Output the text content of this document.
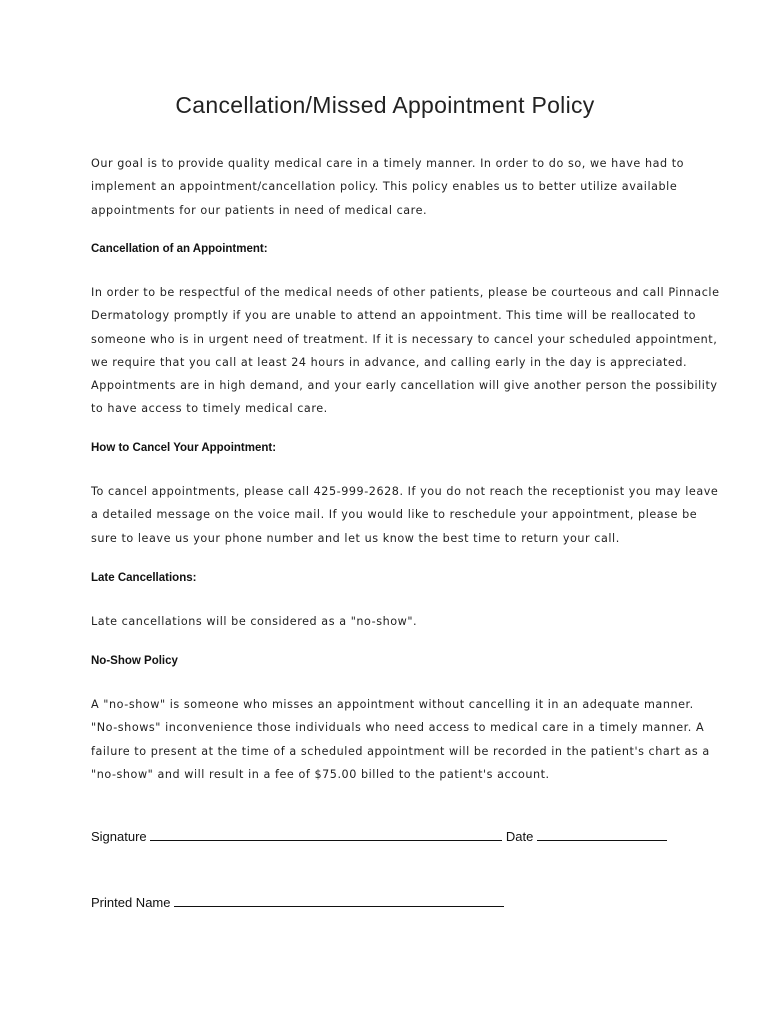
Cancellation/Missed Appointment Policy
Our goal is to provide quality medical care in a timely manner. In order to do so, we have had to
implement an appointment/cancellation policy. This policy enables us to better utilize available
appointments for our patients in need of medical care.
Cancellation of an Appointment:
In order to be respectful of the medical needs of other patients, please be courteous and call Pinnacle
Dermatology promptly if you are unable to attend an appointment. This time will be reallocated to
someone who is in urgent need of treatment. If it is necessary to cancel your scheduled appointment,
we require that you call at least 24 hours in advance, and calling early in the day is appreciated.
Appointments are in high demand, and your early cancellation will give another person the possibility
to have access to timely medical care.
How to Cancel Your Appointment:
To cancel appointments, please call 425-999-2628. If you do not reach the receptionist you may leave
a detailed message on the voice mail. If you would like to reschedule your appointment, please be
sure to leave us your phone number and let us know the best time to return your call.
Late Cancellations:
Late cancellations will be considered as a "no-show".
No-Show Policy
A "no-show" is someone who misses an appointment without cancelling it in an adequate manner.
"No-shows" inconvenience those individuals who need access to medical care in a timely manner. A
failure to present at the time of a scheduled appointment will be recorded in the patient's chart as a
"no-show" and will result in a fee of $75.00 billed to the patient's account.
Signature	Date
Printed Name
